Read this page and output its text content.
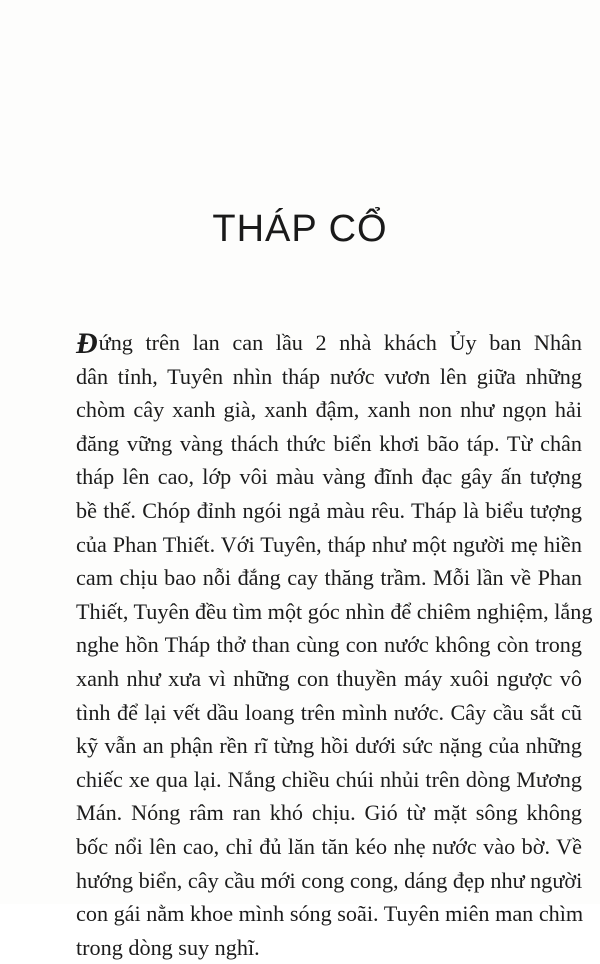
THÁP CỔ
Đứng trên lan can lầu 2 nhà khách Ủy ban Nhân
dân tỉnh, Tuyên nhìn tháp nước vươn lên giữa những
chòm cây xanh già, xanh đậm, xanh non như ngọn hải
đăng vững vàng thách thức biển khơi bão táp. Từ chân
tháp lên cao, lớp vôi màu vàng đĩnh đạc gây ấn tượng
bề thế. Chóp đỉnh ngói ngả màu rêu. Tháp là biểu tượng
của Phan Thiết. Với Tuyên, tháp như một người mẹ hiền
cam chịu bao nỗi đắng cay thăng trầm. Mỗi lần về Phan
Thiết, Tuyên đều tìm một góc nhìn để chiêm nghiệm, lắng
nghe hồn Tháp thở than cùng con nước không còn trong
xanh như xưa vì những con thuyền máy xuôi ngược vô
tình để lại vết dầu loang trên mình nước. Cây cầu sắt cũ
kỹ vẫn an phận rền rĩ từng hồi dưới sức nặng của những
chiếc xe qua lại. Nắng chiều chúi nhủi trên dòng Mương
Mán. Nóng râm ran khó chịu. Gió từ mặt sông không
bốc nổi lên cao, chỉ đủ lăn tăn kéo nhẹ nước vào bờ. Về
hướng biển, cây cầu mới cong cong, dáng đẹp như người
con gái nằm khoe mình sóng soãi. Tuyên miên man chìm
trong dòng suy nghĩ.
